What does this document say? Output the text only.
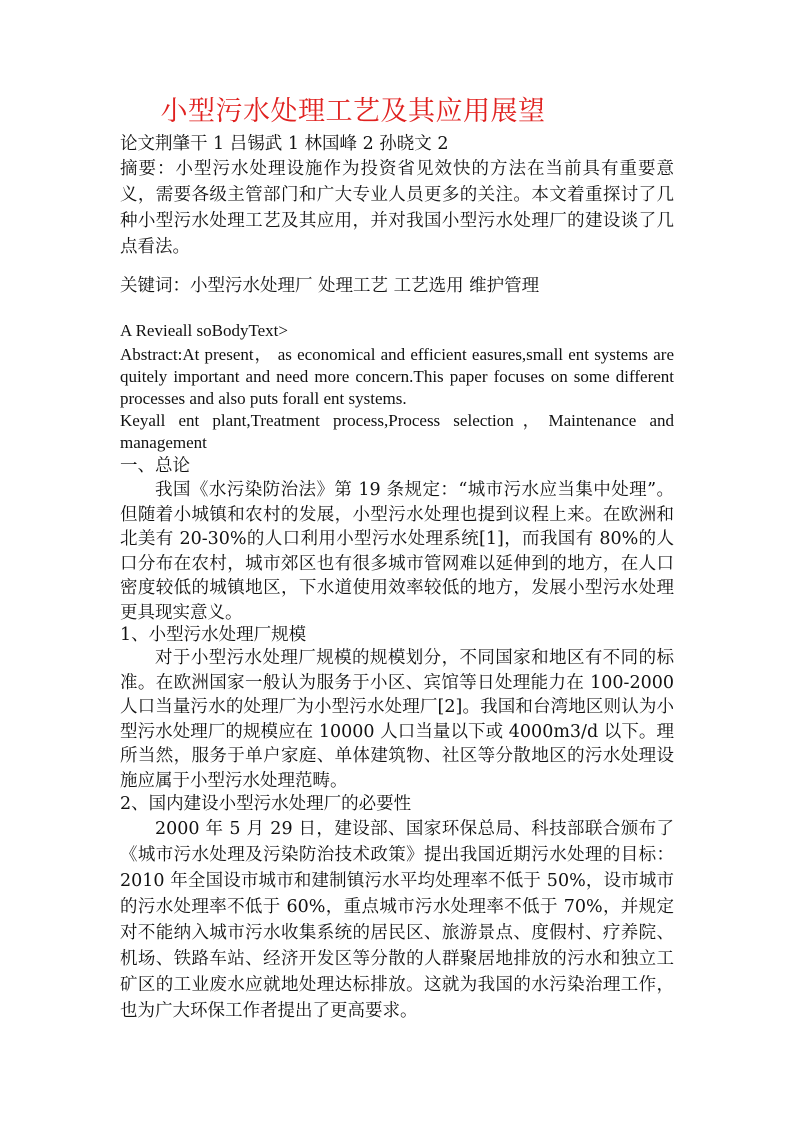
小型污水处理工艺及其应用展望
论文荆肇干 1 吕锡武 1 林国峰 2 孙晓文 2
摘要：小型污水处理设施作为投资省见效快的方法在当前具有重要意义，需要各级主管部门和广大专业人员更多的关注。本文着重探讨了几种小型污水处理工艺及其应用，并对我国小型污水处理厂的建设谈了几点看法。
关键词：小型污水处理厂 处理工艺 工艺选用 维护管理
A Revieall soBodyText>
Abstract:At present， as economical and efficient easures,small ent systems are quitely important and need more concern.This paper focuses on some different processes and also puts forall ent systems.
Keyall ent plant,Treatment process,Process selection，Maintenance and management
一、总论
我国《水污染防治法》第 19 条规定：“城市污水应当集中处理”。但随着小城镇和农村的发展，小型污水处理也提到议程上来。在欧洲和北美有 20-30%的人口利用小型污水处理系统[1]，而我国有 80%的人口分布在农村，城市郊区也有很多城市管网难以延伸到的地方，在人口密度较低的城镇地区，下水道使用效率较低的地方，发展小型污水处理更具现实意义。
1、小型污水处理厂规模
对于小型污水处理厂规模的规模划分，不同国家和地区有不同的标准。在欧洲国家一般认为服务于小区、宾馆等日处理能力在 100-2000 人口当量污水的处理厂为小型污水处理厂[2]。我国和台湾地区则认为小型污水处理厂的规模应在 10000 人口当量以下或 4000m3/d 以下。理所当然，服务于单户家庭、单体建筑物、社区等分散地区的污水处理设施应属于小型污水处理范畴。
2、国内建设小型污水处理厂的必要性
2000 年 5 月 29 日，建设部、国家环保总局、科技部联合颁布了《城市污水处理及污染防治技术政策》提出我国近期污水处理的目标：2010 年全国设市城市和建制镇污水平均处理率不低于 50%，设市城市的污水处理率不低于 60%，重点城市污水处理率不低于 70%，并规定对不能纳入城市污水收集系统的居民区、旅游景点、度假村、疗养院、机场、铁路车站、经济开发区等分散的人群聚居地排放的污水和独立工矿区的工业废水应就地处理达标排放。这就为我国的水污染治理工作，也为广大环保工作者提出了更高要求。
